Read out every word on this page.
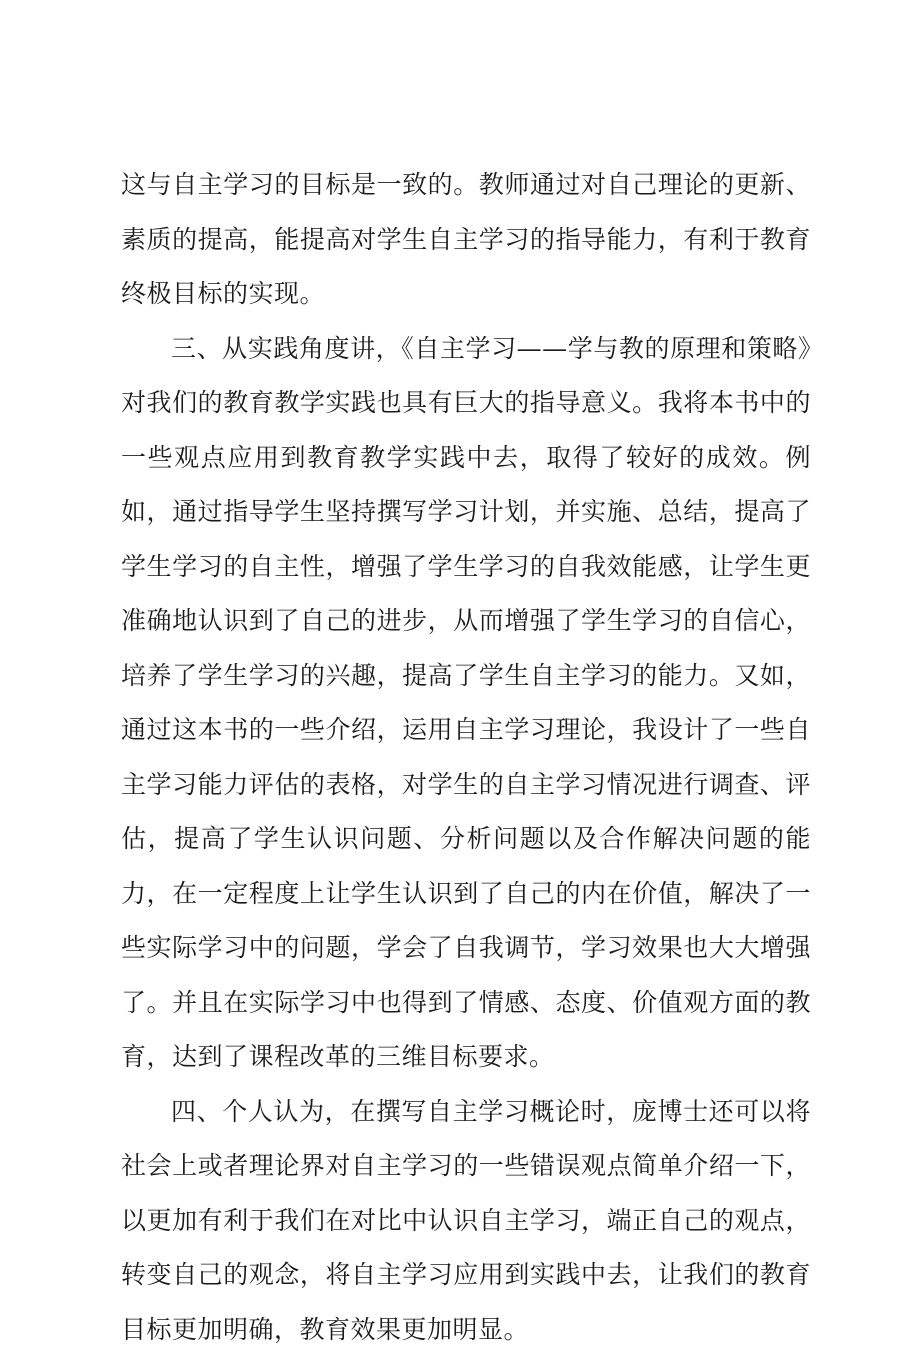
这与自主学习的目标是一致的。教师通过对自己理论的更新、素质的提高，能提高对学生自主学习的指导能力，有利于教育终极目标的实现。

三、从实践角度讲，《自主学习——学与教的原理和策略》对我们的教育教学实践也具有巨大的指导意义。我将本书中的一些观点应用到教育教学实践中去，取得了较好的成效。例如，通过指导学生坚持撰写学习计划，并实施、总结，提高了学生学习的自主性，增强了学生学习的自我效能感，让学生更准确地认识到了自己的进步，从而增强了学生学习的自信心，培养了学生学习的兴趣，提高了学生自主学习的能力。又如，通过这本书的一些介绍，运用自主学习理论，我设计了一些自主学习能力评估的表格，对学生的自主学习情况进行调查、评估，提高了学生认识问题、分析问题以及合作解决问题的能力，在一定程度上让学生认识到了自己的内在价值，解决了一些实际学习中的问题，学会了自我调节，学习效果也大大增强了。并且在实际学习中也得到了情感、态度、价值观方面的教育，达到了课程改革的三维目标要求。

四、个人认为，在撰写自主学习概论时，庞博士还可以将社会上或者理论界对自主学习的一些错误观点简单介绍一下，以更加有利于我们在对比中认识自主学习，端正自己的观点，转变自己的观念，将自主学习应用到实践中去，让我们的教育目标更加明确，教育效果更加明显。
